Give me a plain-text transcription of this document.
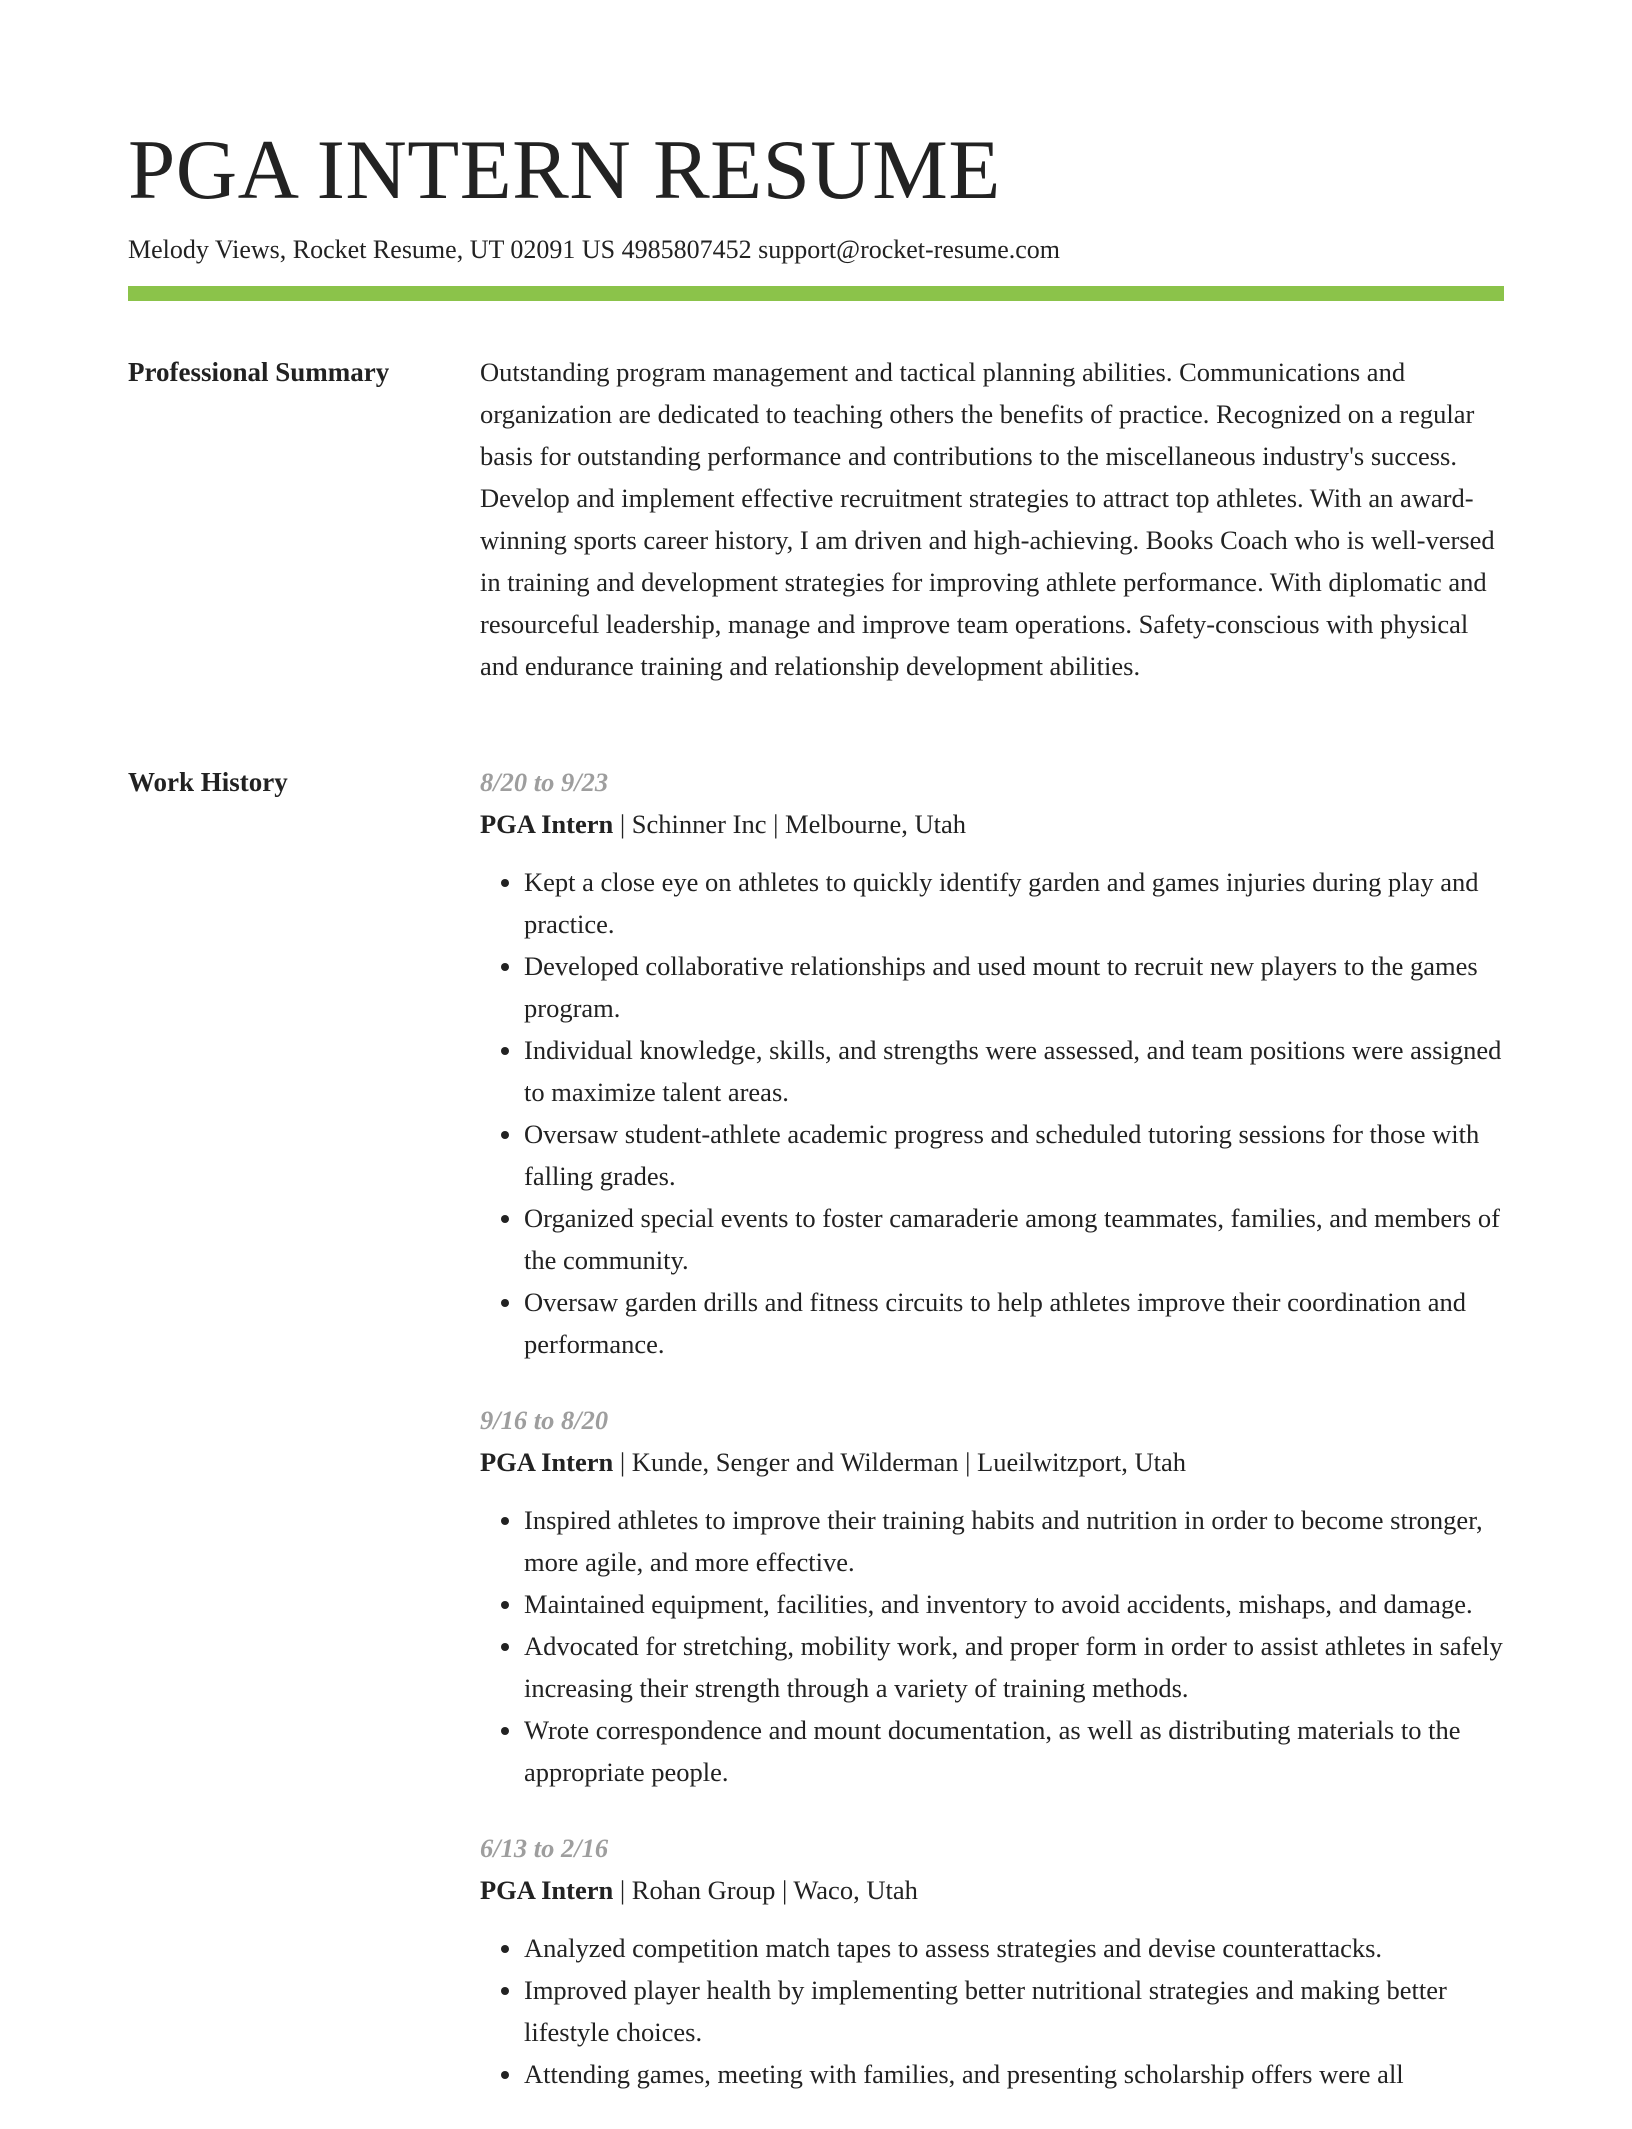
PGA INTERN RESUME
Melody Views, Rocket Resume, UT 02091 US 4985807452 support@rocket-resume.com
Professional Summary	Outstanding program management and tactical planning abilities. Communications and organization are dedicated to teaching others the benefits of practice. Recognized on a regular basis for outstanding performance and contributions to the miscellaneous industry's success. Develop and implement effective recruitment strategies to attract top athletes. With an award-winning sports career history, I am driven and high-achieving. Books Coach who is well-versed in training and development strategies for improving athlete performance. With diplomatic and resourceful leadership, manage and improve team operations. Safety-conscious with physical and endurance training and relationship development abilities.

Work History	8/20 to 9/23
PGA Intern | Schinner Inc | Melbourne, Utah
• Kept a close eye on athletes to quickly identify garden and games injuries during play and practice.
• Developed collaborative relationships and used mount to recruit new players to the games program.
• Individual knowledge, skills, and strengths were assessed, and team positions were assigned to maximize talent areas.
• Oversaw student-athlete academic progress and scheduled tutoring sessions for those with falling grades.
• Organized special events to foster camaraderie among teammates, families, and members of the community.
• Oversaw garden drills and fitness circuits to help athletes improve their coordination and performance.
9/16 to 8/20
PGA Intern | Kunde, Senger and Wilderman | Lueilwitzport, Utah
• Inspired athletes to improve their training habits and nutrition in order to become stronger, more agile, and more effective.
• Maintained equipment, facilities, and inventory to avoid accidents, mishaps, and damage.
• Advocated for stretching, mobility work, and proper form in order to assist athletes in safely increasing their strength through a variety of training methods.
• Wrote correspondence and mount documentation, as well as distributing materials to the appropriate people.
6/13 to 2/16
PGA Intern | Rohan Group | Waco, Utah
• Analyzed competition match tapes to assess strategies and devise counterattacks.
• Improved player health by implementing better nutritional strategies and making better lifestyle choices.
• Attending games, meeting with families, and presenting scholarship offers were all
